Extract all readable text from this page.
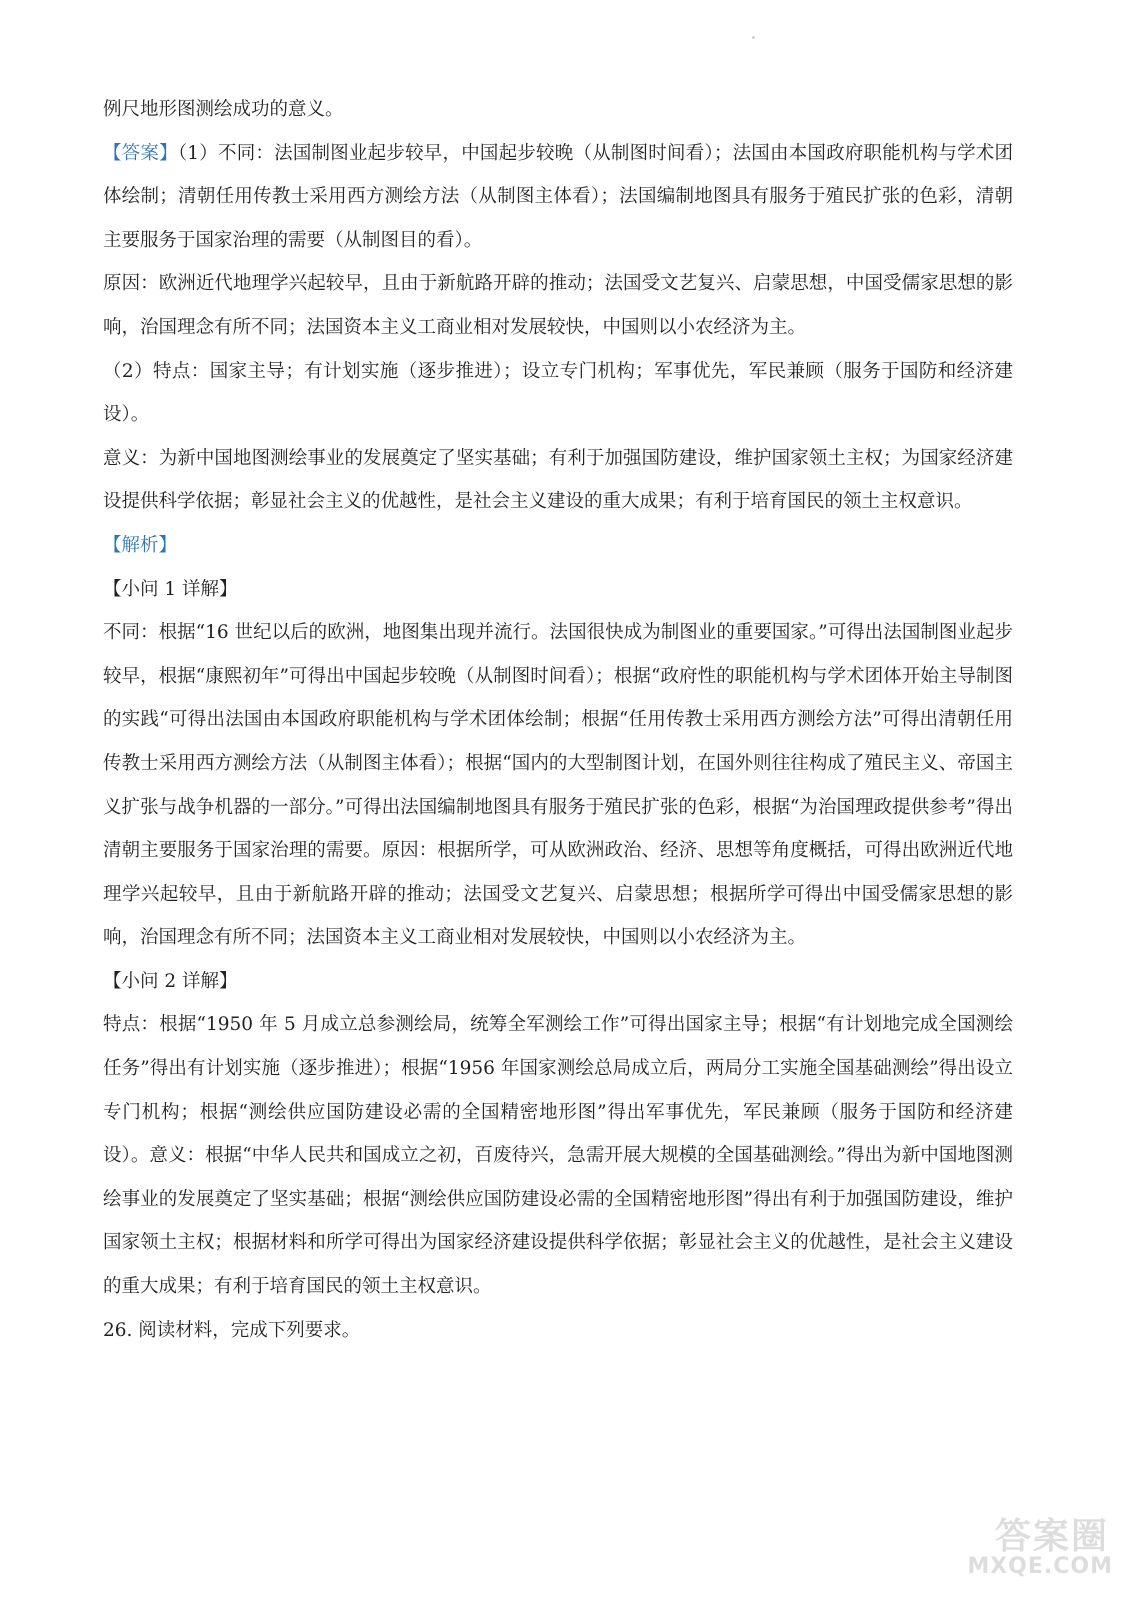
例尺地形图测绘成功的意义。

【答案】（1）不同：法国制图业起步较早，中国起步较晚（从制图时间看）；法国由本国政府职能机构与学术团体绘制；清朝任用传教士采用西方测绘方法（从制图主体看）；法国编制地图具有服务于殖民扩张的色彩，清朝主要服务于国家治理的需要（从制图目的看）。

原因：欧洲近代地理学兴起较早，且由于新航路开辟的推动；法国受文艺复兴、启蒙思想，中国受儒家思想的影响，治国理念有所不同；法国资本主义工商业相对发展较快，中国则以小农经济为主。

（2）特点：国家主导；有计划实施（逐步推进）；设立专门机构；军事优先，军民兼顾（服务于国防和经济建设）。

意义：为新中国地图测绘事业的发展奠定了坚实基础；有利于加强国防建设，维护国家领土主权；为国家经济建设提供科学依据；彰显社会主义的优越性，是社会主义建设的重大成果；有利于培育国民的领土主权意识。

【解析】

【小问 1 详解】

不同：根据“16 世纪以后的欧洲，地图集出现并流行。法国很快成为制图业的重要国家。”可得出法国制图业起步较早，根据“康熙初年”可得出中国起步较晚（从制图时间看）；根据“政府性的职能机构与学术团体开始主导制图的实践“可得出法国由本国政府职能机构与学术团体绘制；根据“任用传教士采用西方测绘方法”可得出清朝任用传教士采用西方测绘方法（从制图主体看）；根据“国内的大型制图计划，在国外则往往构成了殖民主义、帝国主义扩张与战争机器的一部分。”可得出法国编制地图具有服务于殖民扩张的色彩，根据“为治国理政提供参考”得出清朝主要服务于国家治理的需要。原因：根据所学，可从欧洲政治、经济、思想等角度概括，可得出欧洲近代地理学兴起较早，且由于新航路开辟的推动；法国受文艺复兴、启蒙思想；根据所学可得出中国受儒家思想的影响，治国理念有所不同；法国资本主义工商业相对发展较快，中国则以小农经济为主。

【小问 2 详解】

特点：根据“1950 年 5 月成立总参测绘局，统筹全军测绘工作”可得出国家主导；根据“有计划地完成全国测绘任务”得出有计划实施（逐步推进）；根据“1956 年国家测绘总局成立后，两局分工实施全国基础测绘”得出设立专门机构；根据“测绘供应国防建设必需的全国精密地形图”得出军事优先，军民兼顾（服务于国防和经济建设）。意义：根据“中华人民共和国成立之初，百废待兴，急需开展大规模的全国基础测绘。”得出为新中国地图测绘事业的发展奠定了坚实基础；根据“测绘供应国防建设必需的全国精密地形图”得出有利于加强国防建设，维护国家领土主权；根据材料和所学可得出为国家经济建设提供科学依据；彰显社会主义的优越性，是社会主义建设的重大成果；有利于培育国民的领土主权意识。

26. 阅读材料，完成下列要求。

答案圈
MXQE.COM
